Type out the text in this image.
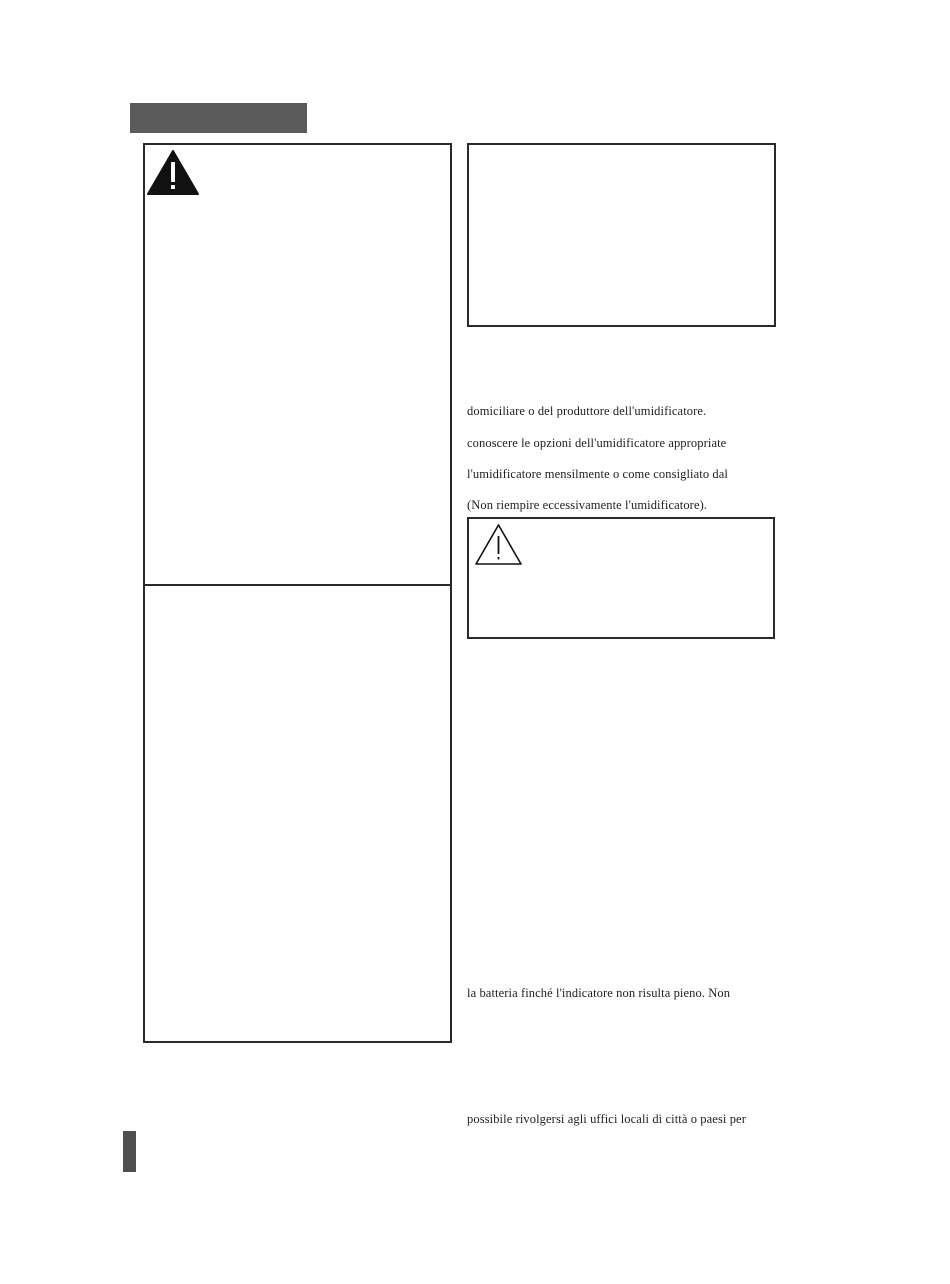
domiciliare o del produttore dell'umidificatore.
conoscere le opzioni dell'umidificatore appropriate
l'umidificatore mensilmente o come consigliato dal
(Non riempire eccessivamente l'umidificatore).
la batteria finché l'indicatore non risulta pieno. Non
possibile rivolgersi agli uffici locali di città o paesi per
